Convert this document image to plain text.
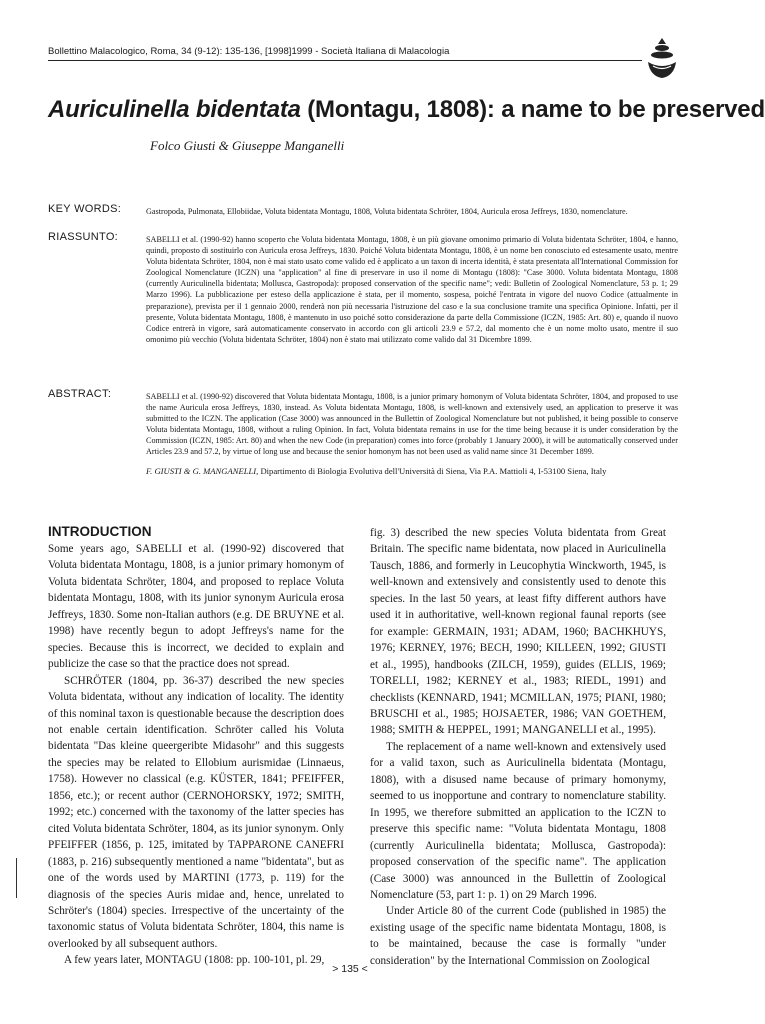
Bollettino Malacologico, Roma, 34 (9-12): 135-136, [1998]1999 - Società Italiana di Malacologia
Auriculinella bidentata (Montagu, 1808): a name to be preserved
Folco Giusti & Giuseppe Manganelli
KEY WORDS:	Gastropoda, Pulmonata, Ellobiidae, Voluta bidentata Montagu, 1808, Voluta bidentata Schröter, 1804, Auricula erosa Jeffreys, 1830, nomenclature.

RIASSUNTO:	SABELLI et al. (1990-92) hanno scoperto che Voluta bidentata Montagu, 1808, è un più giovane omonimo primario di Voluta bidentata Schröter, 1804, e hanno, quindi, proposto di sostituirlo con Auricula erosa Jeffreys, 1830. Poiché Voluta bidentata Montagu, 1808, è un nome ben conosciuto ed estesamente usato, mentre Voluta bidentata Schröter, 1804, non è mai stato usato come valido ed è applicato a un taxon di incerta identità, è stata presentata all'International Commission for Zoological Nomenclature (ICZN) una "application" al fine di preservare in uso il nome di Montagu (1808): "Case 3000. Voluta bidentata Montagu, 1808 (currently Auriculinella bidentata; Mollusca, Gastropoda): proposed conservation of the specific name"; vedi: Bulletin of Zoological Nomenclature, 53 p. 1; 29 Marzo 1996). La pubblicazione per esteso della applicazione è stata, per il momento, sospesa, poiché l'entrata in vigore del nuovo Codice (attualmente in preparazione), prevista per il 1 gennaio 2000, renderà non più necessaria l'istruzione del caso e la sua conclusione tramite una specifica Opinione. Infatti, per il presente, Voluta bidentata Montagu, 1808, è mantenuto in uso poiché sotto considerazione da parte della Commissione (ICZN, 1985: Art. 80) e, quando il nuovo Codice entrerà in vigore, sarà automaticamente conservato in accordo con gli articoli 23.9 e 57.2, dal momento che è un nome molto usato, mentre il suo omonimo più vecchio (Voluta bidentata Schröter, 1804) non è stato mai utilizzato come valido dal 31 Dicembre 1899.

ABSTRACT:	SABELLI et al. (1990-92) discovered that Voluta bidentata Montagu, 1808, is a junior primary homonym of Voluta bidentata Schröter, 1804, and proposed to use the name Auricula erosa Jeffreys, 1830, instead. As Voluta bidentata Montagu, 1808, is well-known and extensively used, an application to preserve it was submitted to the ICZN. The application (Case 3000) was announced in the Bullettin of Zoological Nomenclature but not published, it being possible to conserve Voluta bidentata Montagu, 1808, without a ruling Opinion. In fact, Voluta bidentata remains in use for the time being because it is under consideration by the Commission (ICZN, 1985: Art. 80) and when the new Code (in preparation) comes into force (probably 1 January 2000), it will be automatically conserved under Articles 23.9 and 57.2, by virtue of long use and because the senior homonym has not been used as valid name since 31 December 1899.

F. GIUSTI & G. MANGANELLI, Dipartimento di Biologia Evolutiva dell'Università di Siena, Via P.A. Mattioli 4, I-53100 Siena, Italy
INTRODUCTION

Some years ago, SABELLI et al. (1990-92) discovered that Voluta bidentata Montagu, 1808, is a junior primary homonym of Voluta bidentata Schröter, 1804, and proposed to replace Voluta bidentata Montagu, 1808, with its junior synonym Auricula erosa Jeffreys, 1830. Some non-Italian authors (e.g. DE BRUYNE et al. 1998) have recently begun to adopt Jeffreys's name for the species. Because this is incorrect, we decided to explain and publicize the case so that the practice does not spread.

SCHRÖTER (1804, pp. 36-37) described the new species Voluta bidentata, without any indication of locality. The identity of this nominal taxon is questionable because the description does not enable certain identification. Schröter called his Voluta bidentata "Das kleine queergeribte Midasohr" and this suggests the species may be related to Ellobium aurismidae (Linnaeus, 1758). However no classical (e.g. KÜSTER, 1841; PFEIFFER, 1856, etc.); or recent author (CERNOHORSKY, 1972; SMITH, 1992; etc.) concerned with the taxonomy of the latter species has cited Voluta bidentata Schröter, 1804, as its junior synonym. Only PFEIFFER (1856, p. 125, imitated by TAPPARONE CANEFRI (1883, p. 216) subsequently mentioned a name "bidentata", but as one of the words used by MARTINI (1773, p. 119) for the diagnosis of the species Auris midae and, hence, unrelated to Schröter's (1804) species. Irrespective of the uncertainty of the taxonomic status of Voluta bidentata Schröter, 1804, this name is overlooked by all subsequent authors.

A few years later, MONTAGU (1808: pp. 100-101, pl. 29,

fig. 3) described the new species Voluta bidentata from Great Britain. The specific name bidentata, now placed in Auriculinella Tausch, 1886, and formerly in Leucophytia Winckworth, 1945, is well-known and extensively and consistently used to denote this species. In the last 50 years, at least fifty different authors have used it in authoritative, well-known regional faunal reports (see for example: GERMAIN, 1931; ADAM, 1960; BACHKHUYS, 1976; KERNEY, 1976; BECH, 1990; KILLEEN, 1992; GIUSTI et al., 1995), handbooks (ZILCH, 1959), guides (ELLIS, 1969; TORELLI, 1982; KERNEY et al., 1983; RIEDL, 1991) and checklists (KENNARD, 1941; MCMILLAN, 1975; PIANI, 1980; BRUSCHI et al., 1985; HOJSAETER, 1986; VAN GOETHEM, 1988; SMITH & HEPPEL, 1991; MANGANELLI et al., 1995).

The replacement of a name well-known and extensively used for a valid taxon, such as Auriculinella bidentata (Montagu, 1808), with a disused name because of primary homonymy, seemed to us inopportune and contrary to nomenclature stability. In 1995, we therefore submitted an application to the ICZN to preserve this specific name: "Voluta bidentata Montagu, 1808 (currently Auriculinella bidentata; Mollusca, Gastropoda): proposed conservation of the specific name". The application (Case 3000) was announced in the Bullettin of Zoological Nomenclature (53, part 1: p. 1) on 29 March 1996.

Under Article 80 of the current Code (published in 1985) the existing usage of the specific name bidentata Montagu, 1808, is to be maintained, because the case is formally "under consideration" by the International Commission on Zoological

> 135 <
